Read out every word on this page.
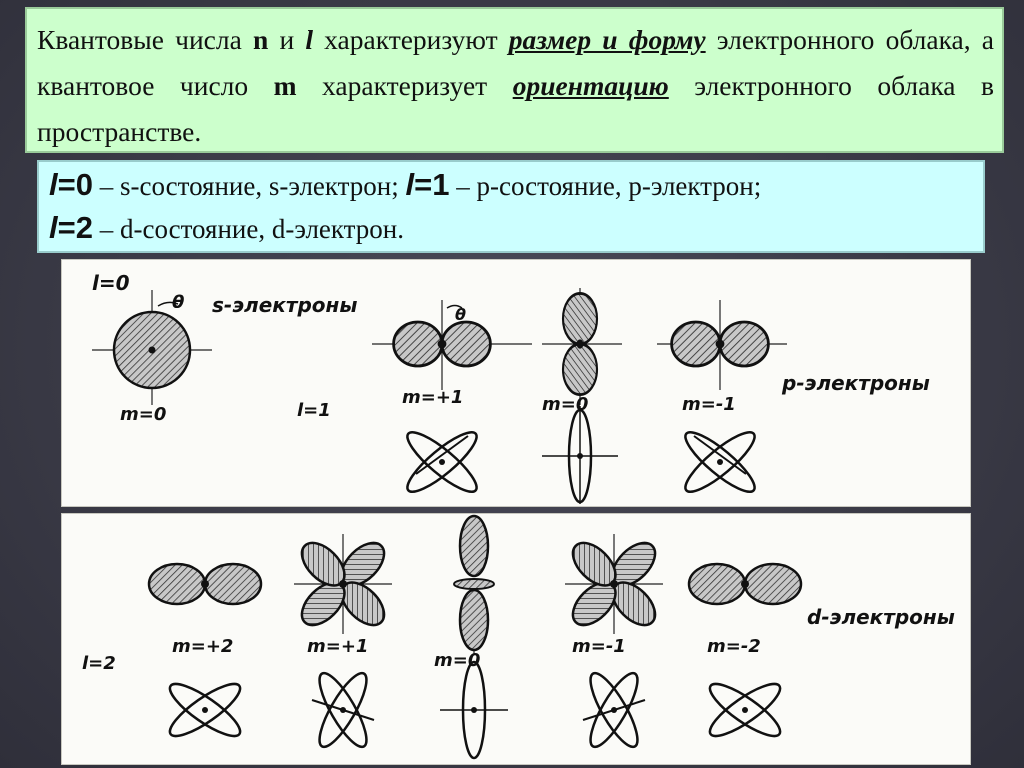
Квантовые числа n и l характеризуют размер и форму электронного облака, а квантовое число m характеризует ориентацию электронного облака в пространстве.
l=0 – s-состояние, s-электрон; l=1 – p-состояние, p-электрон;
l=2 – d-состояние, d-электрон.
l=0
θ s-электроны
m=0
θ
l=1
m=+1	m=0	m=-1
p-электроны
d-электроны
l=2
m=+2	m=+1
m=0
m=-1	m=-2
